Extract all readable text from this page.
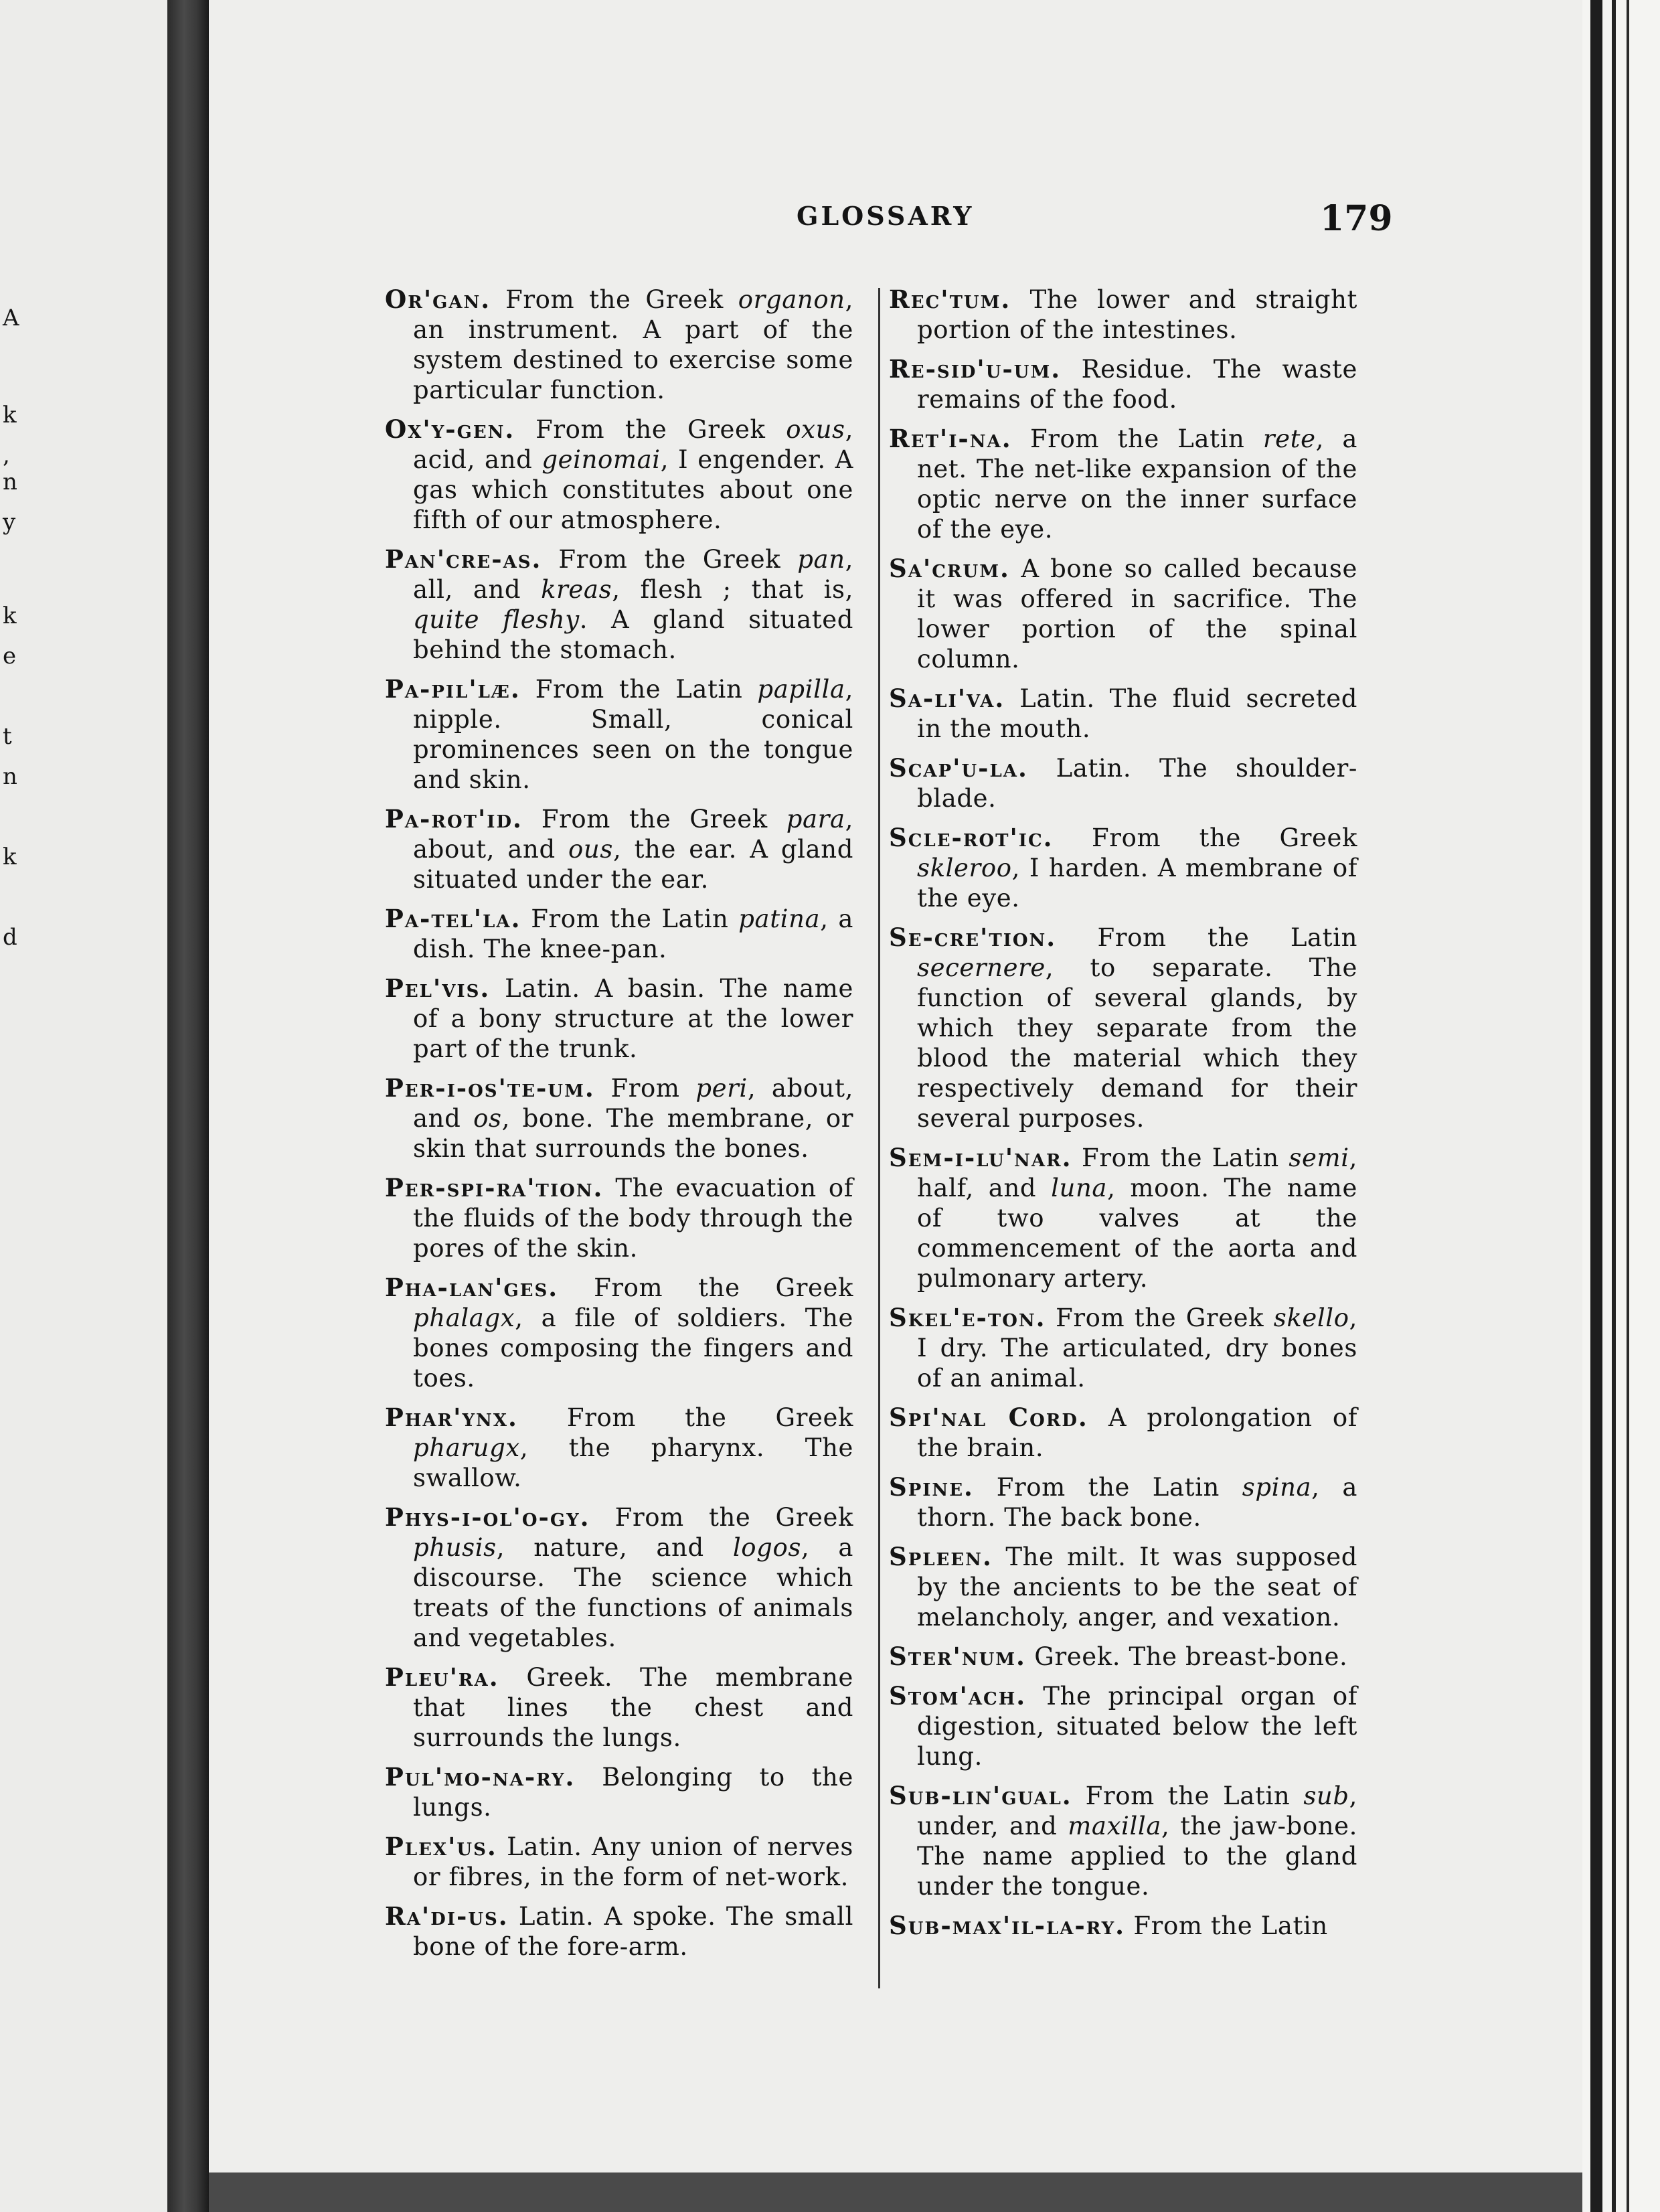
GLOSSARY	179
A
k
,
n
y
k
e
t
n
k
d

Or'gan. From the Greek organon, an instrument. A part of the system destined to exercise some particular function.

Ox'y-gen. From the Greek oxus, acid, and geinomai, I engender. A gas which constitutes about one fifth of our atmosphere.

Pan'cre-as. From the Greek pan, all, and kreas, flesh ; that is, quite fleshy. A gland situated behind the stomach.

Pa-pil'læ. From the Latin papilla, nipple. Small, conical prominences seen on the tongue and skin.

Pa-rot'id. From the Greek para, about, and ous, the ear. A gland situated under the ear.

Pa-tel'la. From the Latin patina, a dish. The knee-pan.

Pel'vis. Latin. A basin. The name of a bony structure at the lower part of the trunk.

Per-i-os'te-um. From peri, about, and os, bone. The membrane, or skin that surrounds the bones.

Per-spi-ra'tion. The evacuation of the fluids of the body through the pores of the skin.

Pha-lan'ges. From the Greek phalagx, a file of soldiers. The bones composing the fingers and toes.

Phar'ynx. From the Greek pharugx, the pharynx. The swallow.

Phys-i-ol'o-gy. From the Greek phusis, nature, and logos, a discourse. The science which treats of the functions of animals and vegetables.

Pleu'ra. Greek. The membrane that lines the chest and surrounds the lungs.

Pul'mo-na-ry. Belonging to the lungs.

Plex'us. Latin. Any union of nerves or fibres, in the form of net-work.

Ra'di-us. Latin. A spoke. The small bone of the fore-arm.

Rec'tum. The lower and straight portion of the intestines.

Re-sid'u-um. Residue. The waste remains of the food.

Ret'i-na. From the Latin rete, a net. The net-like expansion of the optic nerve on the inner surface of the eye.

Sa'crum. A bone so called because it was offered in sacrifice. The lower portion of the spinal column.

Sa-li'va. Latin. The fluid secreted in the mouth.

Scap'u-la. Latin. The shoulder-blade.

Scle-rot'ic. From the Greek skleroo, I harden. A membrane of the eye.

Se-cre'tion. From the Latin secernere, to separate. The function of several glands, by which they separate from the blood the material which they respectively demand for their several purposes.

Sem-i-lu'nar. From the Latin semi, half, and luna, moon. The name of two valves at the commencement of the aorta and pulmonary artery.

Skel'e-ton. From the Greek skello, I dry. The articulated, dry bones of an animal.

Spi'nal Cord. A prolongation of the brain.

Spine. From the Latin spina, a thorn. The back bone.

Spleen. The milt. It was supposed by the ancients to be the seat of melancholy, anger, and vexation.

Ster'num. Greek. The breast-bone.

Stom'ach. The principal organ of digestion, situated below the left lung.

Sub-lin'gual. From the Latin sub, under, and maxilla, the jaw-bone. The name applied to the gland under the tongue.

Sub-max'il-la-ry. From the Latin
